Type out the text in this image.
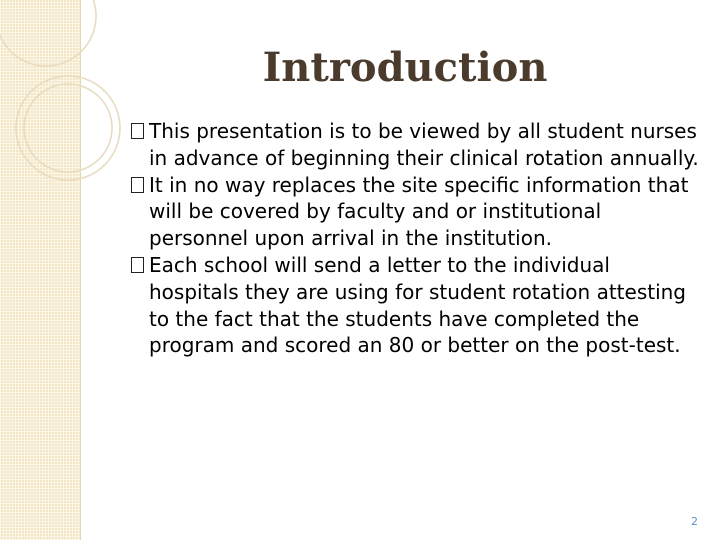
Introduction
This presentation is to be viewed by all student nurses in advance of beginning their clinical rotation annually.
It in no way replaces the site specific information that will be covered by faculty and or institutional personnel upon arrival in the institution.
Each school will send a letter to the individual hospitals they are using for student rotation attesting to the fact that the students have completed the program and scored an 80 or better on the post-test.
2
